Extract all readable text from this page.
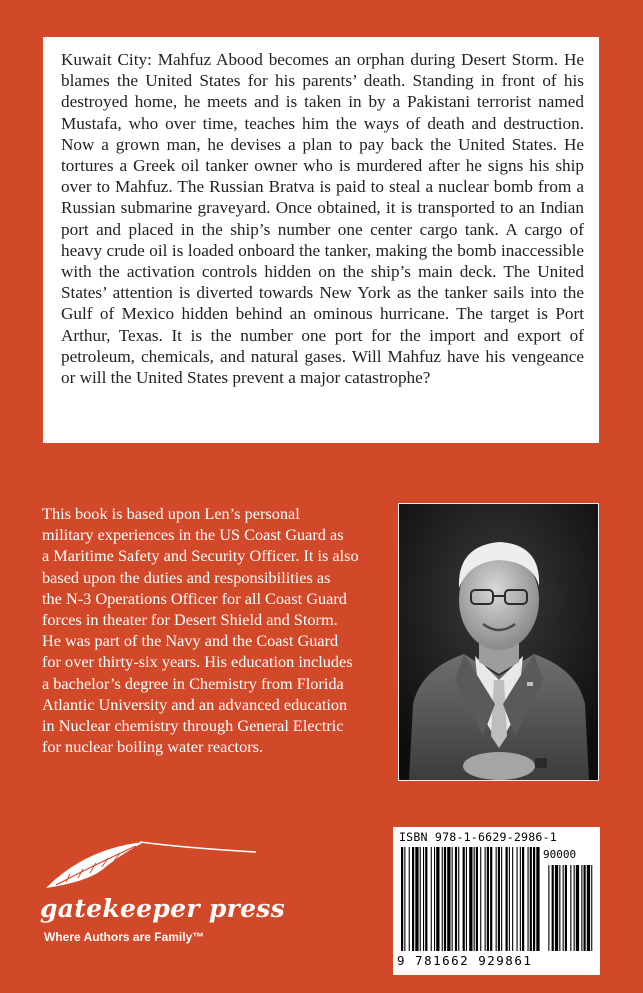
Kuwait City: Mahfuz Abood becomes an orphan during Desert Storm. He blames the United States for his parents’ death. Standing in front of his destroyed home, he meets and is taken in by a Pakistani terrorist named Mustafa, who over time, teaches him the ways of death and destruction. Now a grown man, he devises a plan to pay back the United States. He tortures a Greek oil tanker owner who is murdered after he signs his ship over to Mahfuz. The Russian Bratva is paid to steal a nuclear bomb from a Russian submarine graveyard. Once obtained, it is transported to an Indian port and placed in the ship’s number one center cargo tank. A cargo of heavy crude oil is loaded onboard the tanker, making the bomb inaccessible with the activation controls hidden on the ship’s main deck. The United States’ attention is diverted towards New York as the tanker sails into the Gulf of Mexico hidden behind an ominous hurricane. The target is Port Arthur, Texas. It is the number one port for the import and export of petroleum, chemicals, and natural gases. Will Mahfuz have his vengeance or will the United States prevent a major catastrophe?

This book is based upon Len’s personal
military experiences in the US Coast Guard as
a Maritime Safety and Security Officer. It is also
based upon the duties and responsibilities as
the N-3 Operations Officer for all Coast Guard
forces in theater for Desert Shield and Storm.
He was part of the Navy and the Coast Guard
for over thirty-six years. His education includes
a bachelor’s degree in Chemistry from Florida
Atlantic University and an advanced education
in Nuclear chemistry through General Electric
for nuclear boiling water reactors.
gatekeeper press
Where Authors are Family™
ISBN 978-1-6629-2986-1
90000
9 781662 929861
